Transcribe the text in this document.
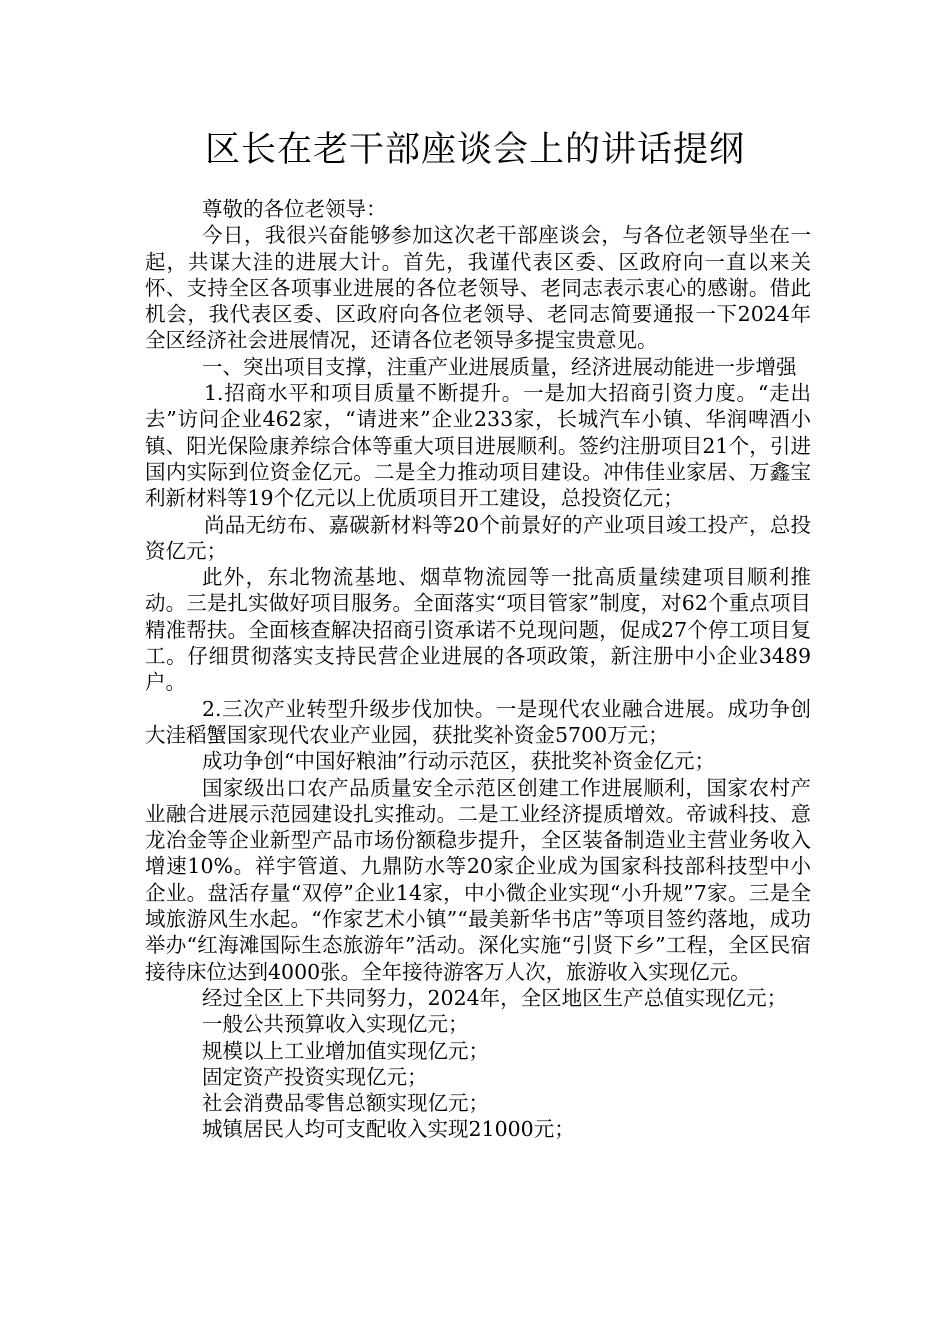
区长在老干部座谈会上的讲话提纲

尊敬的各位老领导：

今日，我很兴奋能够参加这次老干部座谈会，与各位老领导坐在一起，共谋大洼的进展大计。首先，我谨代表区委、区政府向一直以来关怀、支持全区各项事业进展的各位老领导、老同志表示衷心的感谢。借此机会，我代表区委、区政府向各位老领导、老同志简要通报一下2024年全区经济社会进展情况，还请各位老领导多提宝贵意见。

一、突出项目支撑，注重产业进展质量，经济进展动能进一步增强

1.招商水平和项目质量不断提升。一是加大招商引资力度。“走出去”访问企业462家，“请进来”企业233家，长城汽车小镇、华润啤酒小镇、阳光保险康养综合体等重大项目进展顺利。签约注册项目21个，引进国内实际到位资金亿元。二是全力推动项目建设。冲伟佳业家居、万鑫宝利新材料等19个亿元以上优质项目开工建设，总投资亿元；

尚品无纺布、嘉碳新材料等20个前景好的产业项目竣工投产，总投资亿元；

此外，东北物流基地、烟草物流园等一批高质量续建项目顺利推动。三是扎实做好项目服务。全面落实“项目管家”制度，对62个重点项目精准帮扶。全面核查解决招商引资承诺不兑现问题，促成27个停工项目复工。仔细贯彻落实支持民营企业进展的各项政策，新注册中小企业3489户。

2.三次产业转型升级步伐加快。一是现代农业融合进展。成功争创大洼稻蟹国家现代农业产业园，获批奖补资金5700万元；

成功争创“中国好粮油”行动示范区，获批奖补资金亿元；

国家级出口农产品质量安全示范区创建工作进展顺利，国家农村产业融合进展示范园建设扎实推动。二是工业经济提质增效。帝诚科技、意龙冶金等企业新型产品市场份额稳步提升，全区装备制造业主营业务收入增速10%。祥宇管道、九鼎防水等20家企业成为国家科技部科技型中小企业。盘活存量“双停”企业14家，中小微企业实现“小升规”7家。三是全域旅游风生水起。“作家艺术小镇”“最美新华书店”等项目签约落地，成功举办“红海滩国际生态旅游年”活动。深化实施“引贤下乡”工程，全区民宿接待床位达到4000张。全年接待游客万人次，旅游收入实现亿元。

经过全区上下共同努力，2024年，全区地区生产总值实现亿元；

一般公共预算收入实现亿元；

规模以上工业增加值实现亿元；

固定资产投资实现亿元；

社会消费品零售总额实现亿元；

城镇居民人均可支配收入实现21000元；
